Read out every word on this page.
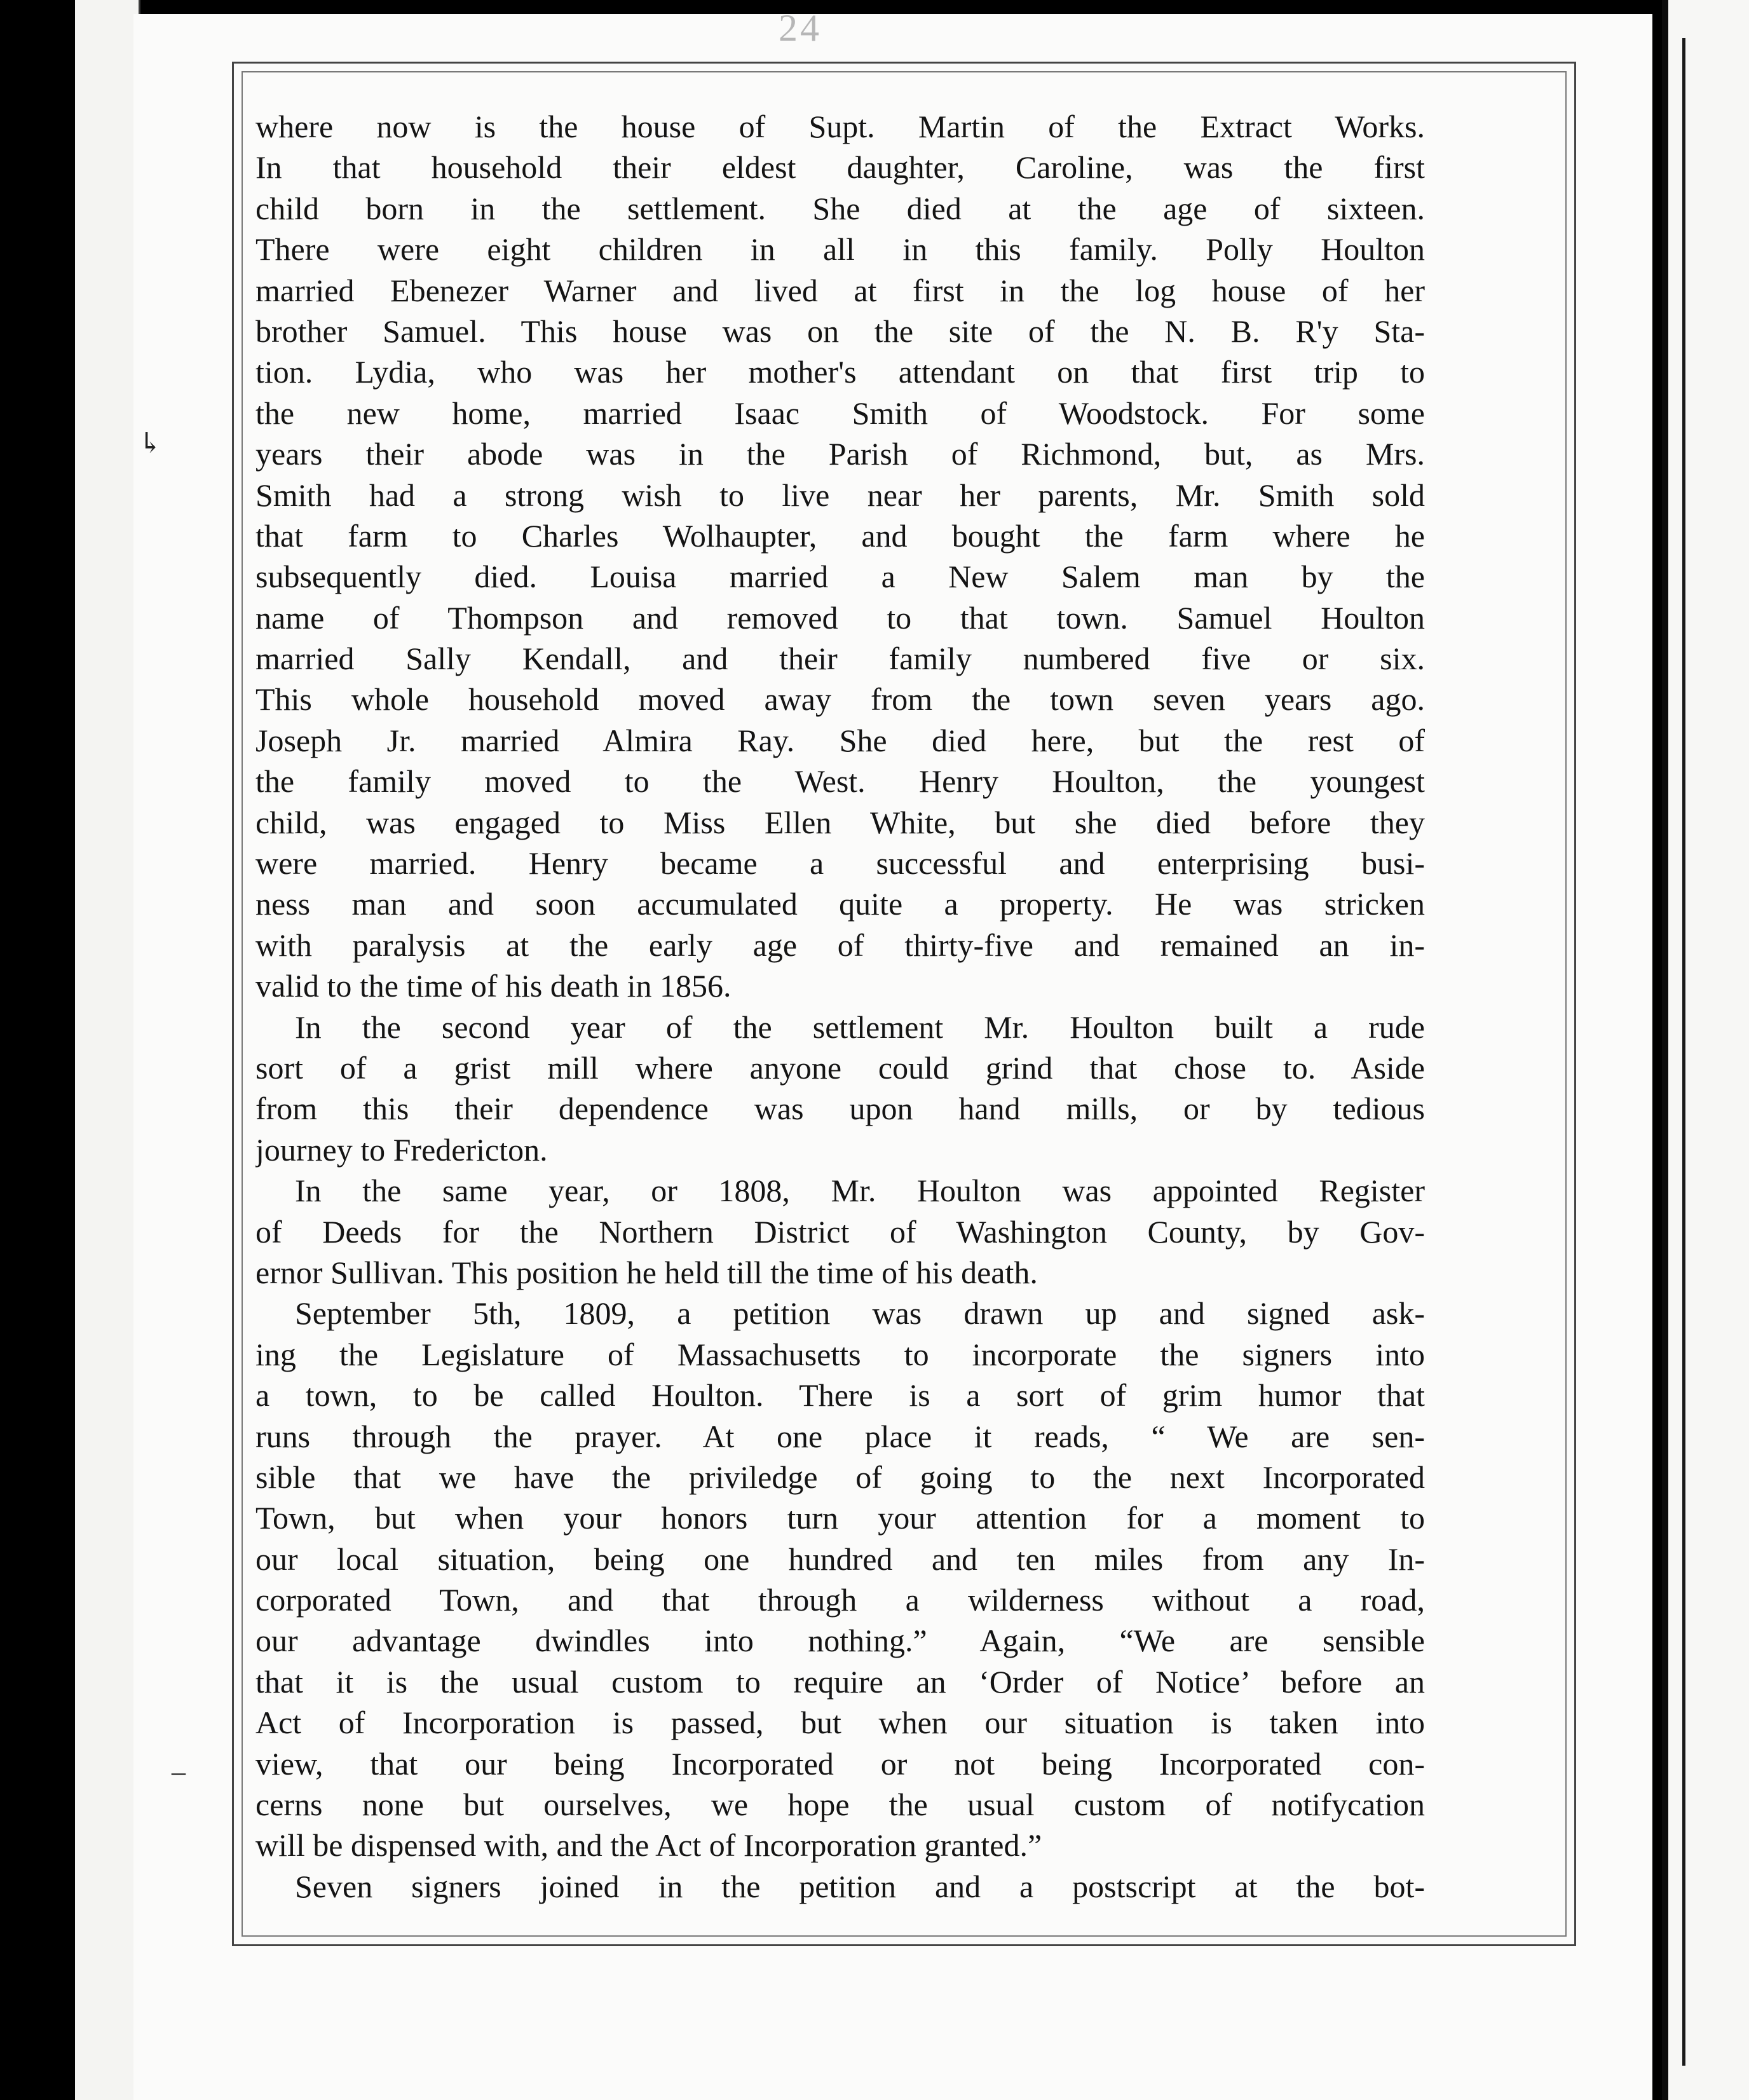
24
↳
–
where now is the house of Supt. Martin of the Extract Works.
In that household their eldest daughter, Caroline, was the first
child born in the settlement. She died at the age of sixteen.
There were eight children in all in this family. Polly Houlton
married Ebenezer Warner and lived at first in the log house of her
brother Samuel. This house was on the site of the N. B. R'y Sta-
tion. Lydia, who was her mother's attendant on that first trip to
the new home, married Isaac Smith of Woodstock. For some
years their abode was in the Parish of Richmond, but, as Mrs.
Smith had a strong wish to live near her parents, Mr. Smith sold
that farm to Charles Wolhaupter, and bought the farm where he
subsequently died. Louisa married a New Salem man by the
name of Thompson and removed to that town. Samuel Houlton
married Sally Kendall, and their family numbered five or six.
This whole household moved away from the town seven years ago.
Joseph Jr. married Almira Ray. She died here, but the rest of
the family moved to the West. Henry Houlton, the youngest
child, was engaged to Miss Ellen White, but she died before they
were married. Henry became a successful and enterprising busi-
ness man and soon accumulated quite a property. He was stricken
with paralysis at the early age of thirty-five and remained an in-
valid to the time of his death in 1856.
In the second year of the settlement Mr. Houlton built a rude
sort of a grist mill where anyone could grind that chose to. Aside
from this their dependence was upon hand mills, or by tedious
journey to Fredericton.
In the same year, or 1808, Mr. Houlton was appointed Register
of Deeds for the Northern District of Washington County, by Gov-
ernor Sullivan. This position he held till the time of his death.
September 5th, 1809, a petition was drawn up and signed ask-
ing the Legislature of Massachusetts to incorporate the signers into
a town, to be called Houlton. There is a sort of grim humor that
runs through the prayer. At one place it reads, “ We are sen-
sible that we have the priviledge of going to the next Incorporated
Town, but when your honors turn your attention for a moment to
our local situation, being one hundred and ten miles from any In-
corporated Town, and that through a wilderness without a road,
our advantage dwindles into nothing.” Again, “We are sensible
that it is the usual custom to require an ‘Order of Notice’ before an
Act of Incorporation is passed, but when our situation is taken into
view, that our being Incorporated or not being Incorporated con-
cerns none but ourselves, we hope the usual custom of notifycation
will be dispensed with, and the Act of Incorporation granted.”
Seven signers joined in the petition and a postscript at the bot-
